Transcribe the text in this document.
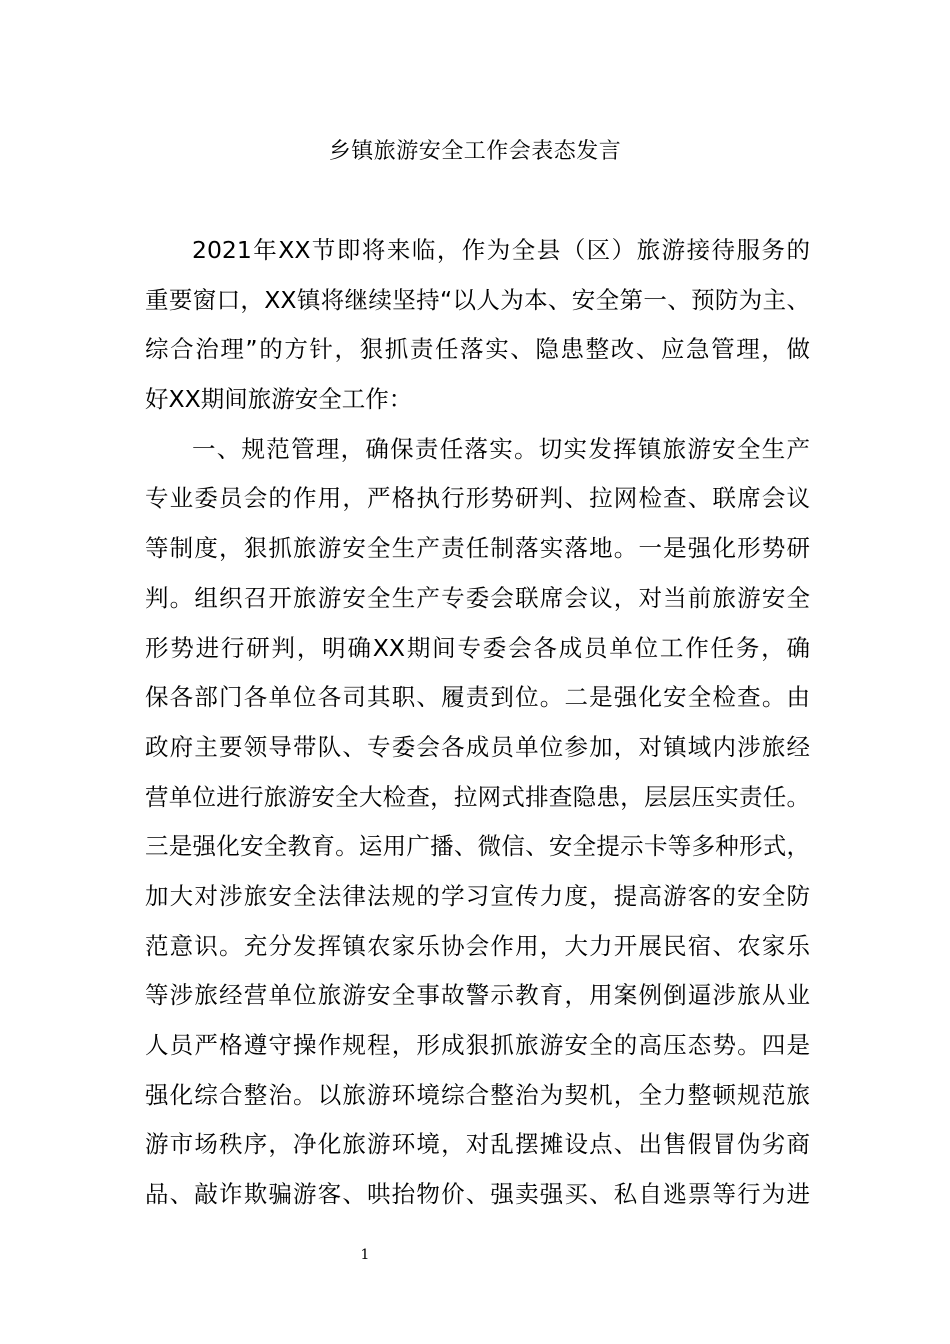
乡镇旅游安全工作会表态发言
2021年XX节即将来临，作为全县（区）旅游接待服务的
重要窗口，XX镇将继续坚持“以人为本、安全第一、预防为主、
综合治理”的方针，狠抓责任落实、隐患整改、应急管理，做
好XX期间旅游安全工作：
一、规范管理，确保责任落实。切实发挥镇旅游安全生产
专业委员会的作用，严格执行形势研判、拉网检查、联席会议
等制度，狠抓旅游安全生产责任制落实落地。一是强化形势研
判。组织召开旅游安全生产专委会联席会议，对当前旅游安全
形势进行研判，明确XX期间专委会各成员单位工作任务，确
保各部门各单位各司其职、履责到位。二是强化安全检查。由
政府主要领导带队、专委会各成员单位参加，对镇域内涉旅经
营单位进行旅游安全大检查，拉网式排查隐患，层层压实责任。
三是强化安全教育。运用广播、微信、安全提示卡等多种形式，
加大对涉旅安全法律法规的学习宣传力度，提高游客的安全防
范意识。充分发挥镇农家乐协会作用，大力开展民宿、农家乐
等涉旅经营单位旅游安全事故警示教育，用案例倒逼涉旅从业
人员严格遵守操作规程，形成狠抓旅游安全的高压态势。四是
强化综合整治。以旅游环境综合整治为契机，全力整顿规范旅
游市场秩序，净化旅游环境，对乱摆摊设点、出售假冒伪劣商
品、敲诈欺骗游客、哄抬物价、强卖强买、私自逃票等行为进
1
